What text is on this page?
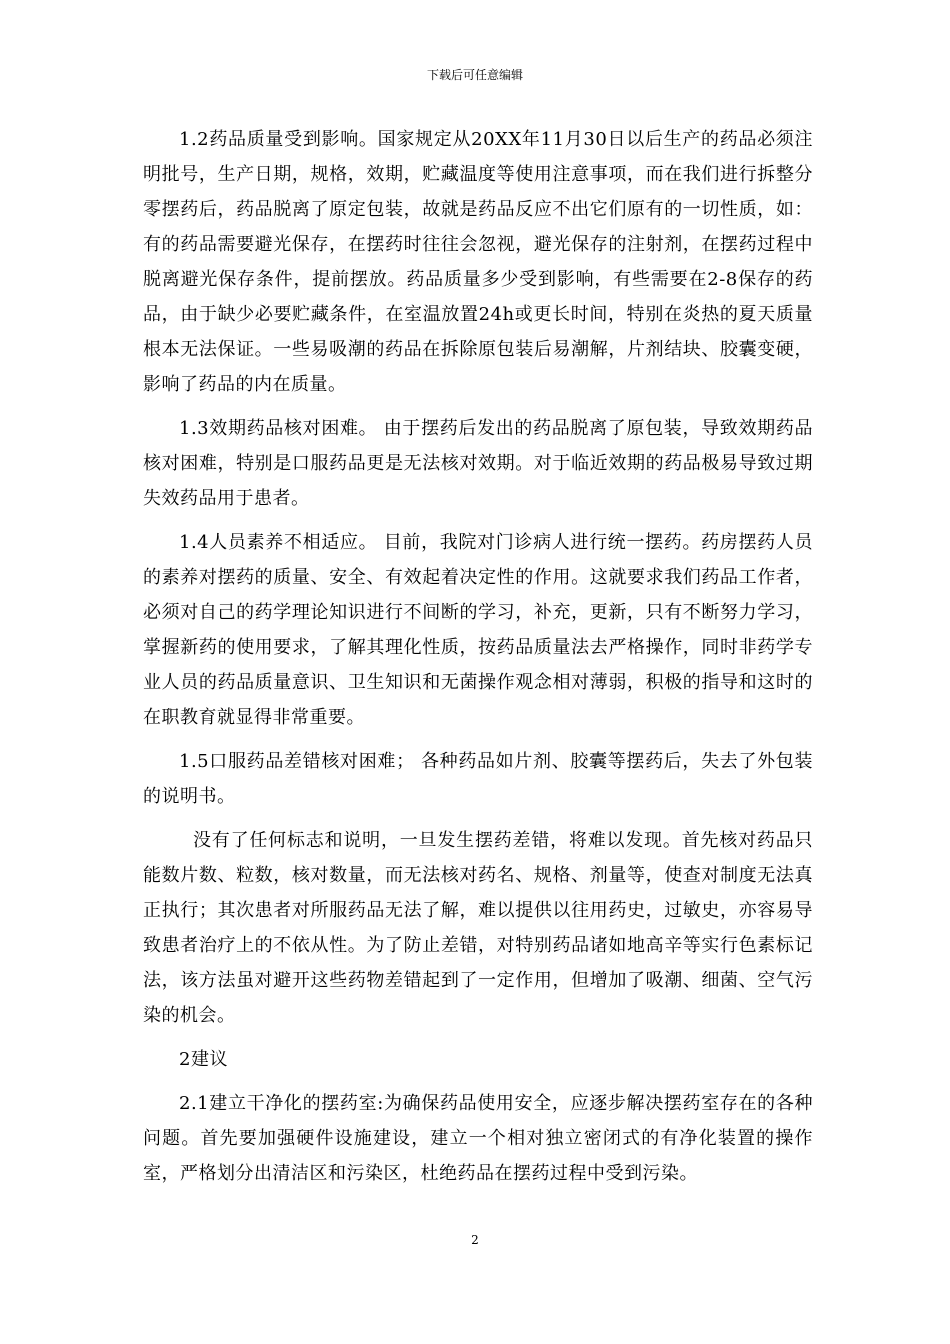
下载后可任意编辑

1.2药品质量受到影响。国家规定从20XX年11月30日以后生产的药品必须注明批号，生产日期，规格，效期，贮藏温度等使用注意事项，而在我们进行拆整分零摆药后，药品脱离了原定包装，故就是药品反应不出它们原有的一切性质，如：有的药品需要避光保存，在摆药时往往会忽视，避光保存的注射剂，在摆药过程中脱离避光保存条件，提前摆放。药品质量多少受到影响，有些需要在2-8保存的药品，由于缺少必要贮藏条件，在室温放置24h或更长时间，特别在炎热的夏天质量根本无法保证。一些易吸潮的药品在拆除原包装后易潮解，片剂结块、胶囊变硬，影响了药品的内在质量。

1.3效期药品核对困难。 由于摆药后发出的药品脱离了原包装，导致效期药品核对困难，特别是口服药品更是无法核对效期。对于临近效期的药品极易导致过期失效药品用于患者。

1.4人员素养不相适应。 目前，我院对门诊病人进行统一摆药。药房摆药人员的素养对摆药的质量、安全、有效起着决定性的作用。这就要求我们药品工作者，必须对自己的药学理论知识进行不间断的学习，补充，更新，只有不断努力学习，掌握新药的使用要求，了解其理化性质，按药品质量法去严格操作，同时非药学专业人员的药品质量意识、卫生知识和无菌操作观念相对薄弱，积极的指导和这时的在职教育就显得非常重要。

1.5口服药品差错核对困难； 各种药品如片剂、胶囊等摆药后，失去了外包装的说明书。

没有了任何标志和说明，一旦发生摆药差错，将难以发现。首先核对药品只能数片数、粒数，核对数量，而无法核对药名、规格、剂量等，使查对制度无法真正执行；其次患者对所服药品无法了解，难以提供以往用药史，过敏史，亦容易导致患者治疗上的不依从性。为了防止差错，对特别药品诸如地高辛等实行色素标记法，该方法虽对避开这些药物差错起到了一定作用，但增加了吸潮、细菌、空气污染的机会。

2建议

2.1建立干净化的摆药室:为确保药品使用安全，应逐步解决摆药室存在的各种问题。首先要加强硬件设施建设，建立一个相对独立密闭式的有净化装置的操作室，严格划分出清洁区和污染区，杜绝药品在摆药过程中受到污染。

2
